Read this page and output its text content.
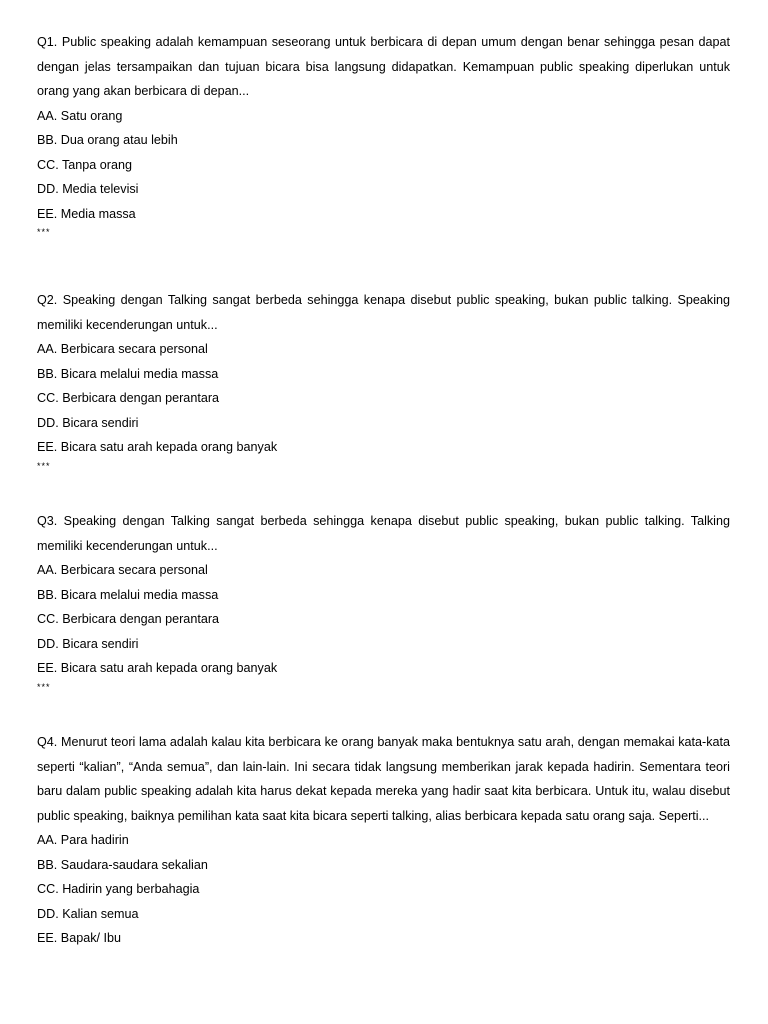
Q1. Public speaking adalah kemampuan seseorang untuk berbicara di depan umum dengan benar sehingga pesan dapat dengan jelas tersampaikan dan tujuan bicara bisa langsung didapatkan. Kemampuan public speaking diperlukan untuk orang yang akan berbicara di depan...

AA. Satu orang

BB. Dua orang atau lebih

CC. Tanpa orang

DD. Media televisi

EE. Media massa

***

Q2. Speaking dengan Talking sangat berbeda sehingga kenapa disebut public speaking, bukan public talking. Speaking memiliki kecenderungan untuk...

AA. Berbicara secara personal

BB. Bicara melalui media massa

CC. Berbicara dengan perantara

DD. Bicara sendiri

EE. Bicara satu arah kepada orang banyak

***

Q3. Speaking dengan Talking sangat berbeda sehingga kenapa disebut public speaking, bukan public talking. Talking memiliki kecenderungan untuk...

AA. Berbicara secara personal

BB. Bicara melalui media massa

CC. Berbicara dengan perantara

DD. Bicara sendiri

EE. Bicara satu arah kepada orang banyak

***

Q4. Menurut teori lama adalah kalau kita berbicara ke orang banyak maka bentuknya satu arah, dengan memakai kata-kata seperti “kalian”, “Anda semua”, dan lain-lain. Ini secara tidak langsung memberikan jarak kepada hadirin. Sementara teori baru dalam public speaking adalah kita harus dekat kepada mereka yang hadir saat kita berbicara. Untuk itu, walau disebut public speaking, baiknya pemilihan kata saat kita bicara seperti talking, alias berbicara kepada satu orang saja. Seperti...

AA. Para hadirin

BB. Saudara-saudara sekalian

CC. Hadirin yang berbahagia

DD. Kalian semua

EE. Bapak/ Ibu
